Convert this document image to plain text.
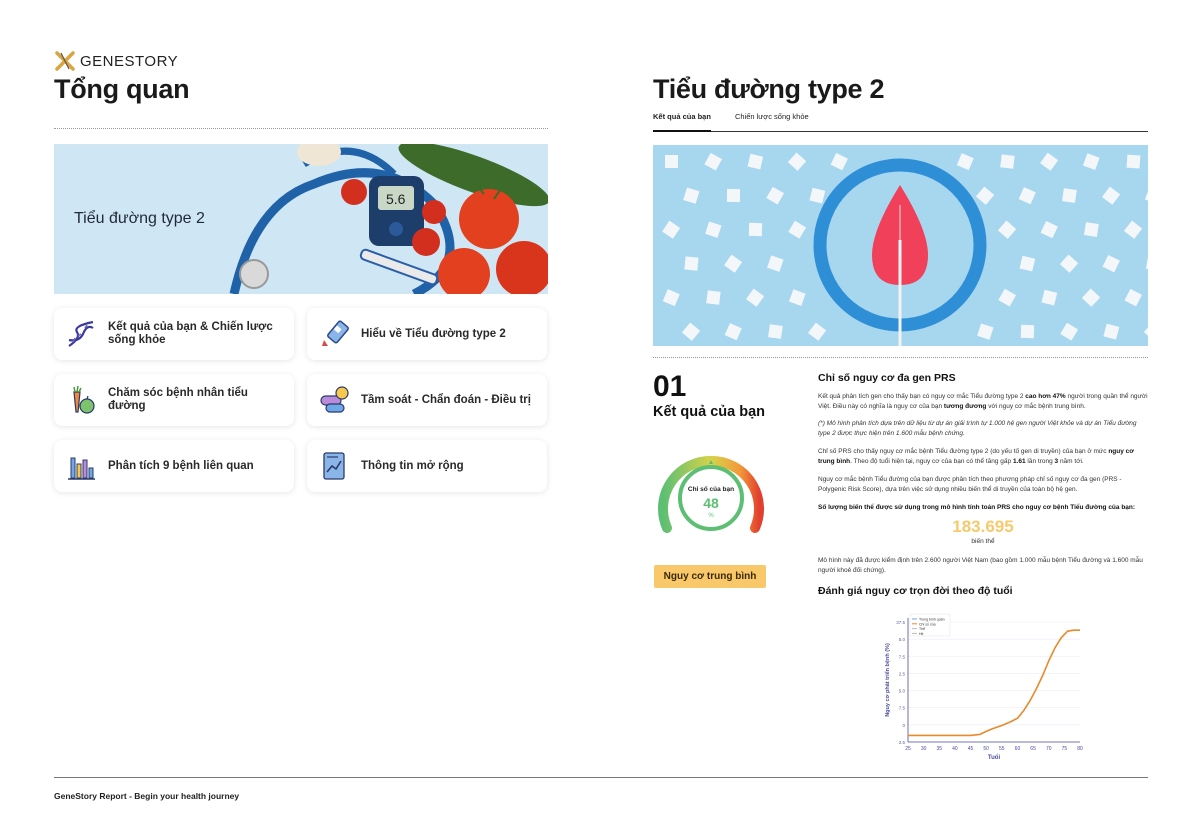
GENESTORY
Tổng quan
5.6
Tiểu đường type 2
Kết quả của bạn & Chiến lược sống khỏe
Hiểu về Tiểu đường type 2
Chăm sóc bệnh nhân tiểu đường
Tầm soát - Chẩn đoán - Điều trị
Phân tích 9 bệnh liên quan	Thông tin mở rộng
Tiểu đường type 2
Kết quả của bạn	Chiến lược sống khỏe
01
Kết quả của bạn
Chỉ số của bạn
48
%
Nguy cơ trung bình
Chỉ số nguy cơ đa gen PRS
Kết quả phân tích gen cho thấy bạn có nguy cơ mắc Tiểu đường type 2 cao hơn 47% người trong quần thể người Việt. Điều này có nghĩa là nguy cơ của bạn tương đương với nguy cơ mắc bệnh trung bình.
(*) Mô hình phân tích dựa trên dữ liệu từ dự án giải trình tự 1.000 hệ gen người Việt khỏe và dự án Tiểu đường type 2 được thực hiện trên 1.600 mẫu bệnh chứng.
Chỉ số PRS cho thấy nguy cơ mắc bệnh Tiểu đường type 2 (do yếu tố gen di truyền) của bạn ở mức nguy cơ trung bình. Theo độ tuổi hiện tại, nguy cơ của bạn có thể tăng gấp 1.61 lần trong 3 năm tới.
Nguy cơ mắc bệnh Tiểu đường của bạn được phân tích theo phương pháp chỉ số nguy cơ đa gen (PRS - Polygenic Risk Score), dựa trên việc sử dụng nhiều biến thể di truyền của toàn bộ hệ gen.
Số lượng biến thể được sử dụng trong mô hình tính toán PRS cho nguy cơ bệnh Tiểu đường của bạn:
183.695
biến thể
Mô hình này đã được kiểm định trên 2.600 người Việt Nam (bao gồm 1.000 mẫu bệnh Tiểu đường và 1.600 mẫu người khoẻ đối chứng).
Đánh giá nguy cơ trọn đời theo độ tuổi
37.5
5.0
7.5
2.5
5.0
7.5
0
2.5
25 30 35 40 45 50 55 60 65 70 75 80
Tuổi
Nguy cơ phát triển bệnh (%)
Trung bình quần
Chỉ số của
Thể
Hệ
GeneStory Report - Begin your health journey
